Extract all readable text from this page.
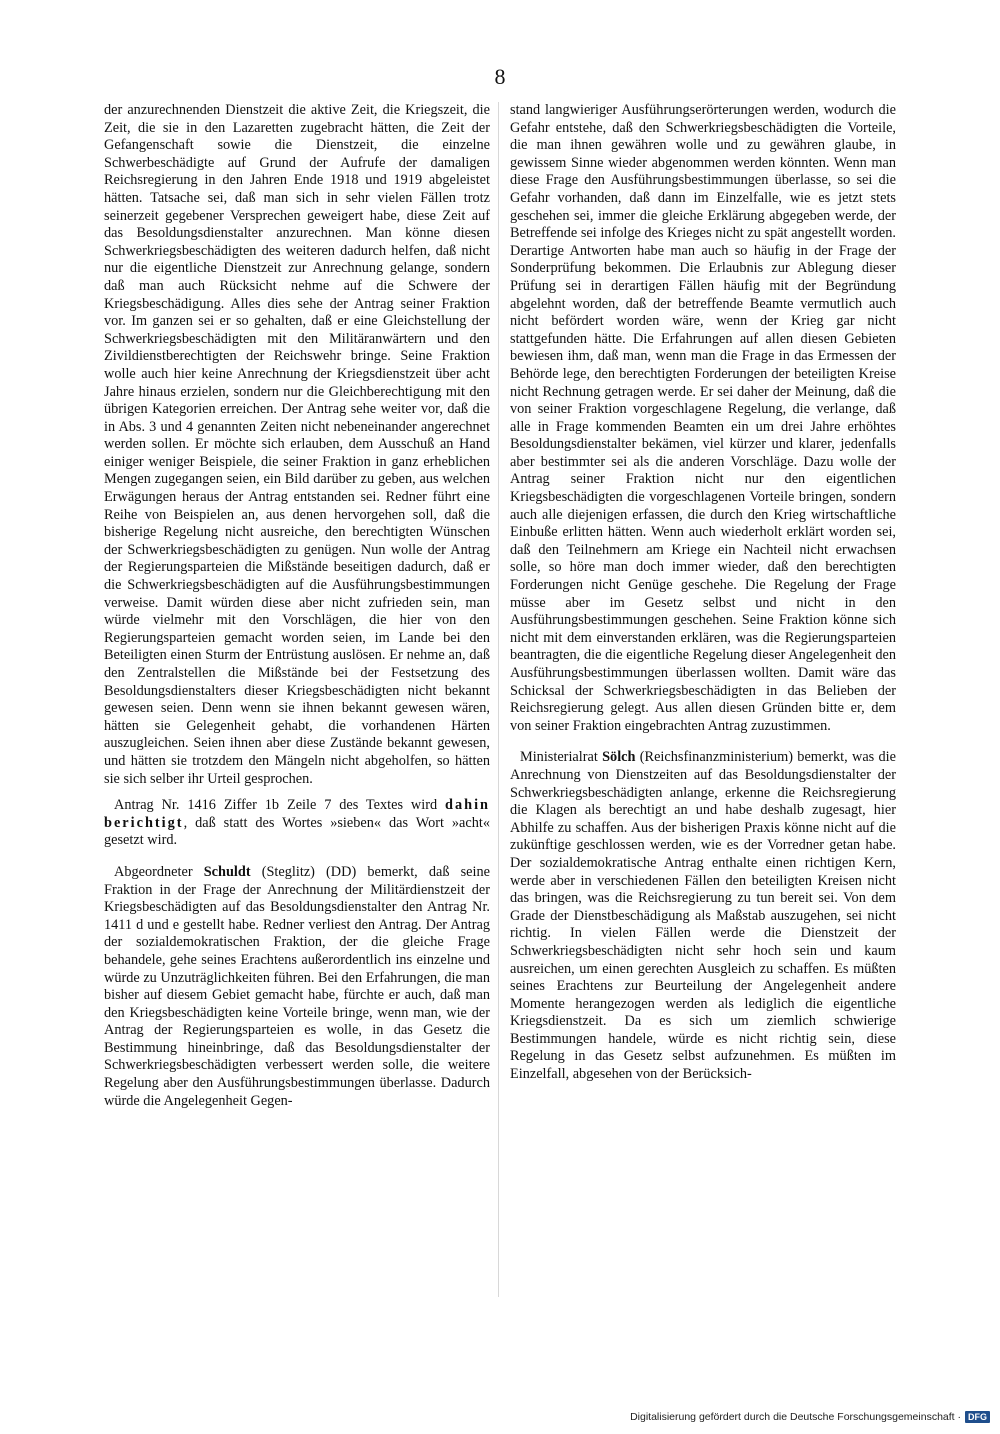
8

der anzurechnenden Dienstzeit die aktive Zeit, die Kriegszeit, die Zeit, die sie in den Lazaretten zugebracht hätten, die Zeit der Gefangenschaft sowie die Dienstzeit, die einzelne Schwerbeschädigte auf Grund der Aufrufe der damaligen Reichsregierung in den Jahren Ende 1918 und 1919 abgeleistet hätten. Tatsache sei, daß man sich in sehr vielen Fällen trotz seinerzeit gegebener Versprechen geweigert habe, diese Zeit auf das Besoldungsdienstalter anzurechnen. Man könne diesen Schwerkriegsbeschädigten des weiteren dadurch helfen, daß nicht nur die eigentliche Dienstzeit zur Anrechnung gelange, sondern daß man auch Rücksicht nehme auf die Schwere der Kriegsbeschädigung. Alles dies sehe der Antrag seiner Fraktion vor. Im ganzen sei er so gehalten, daß er eine Gleichstellung der Schwerkriegsbeschädigten mit den Militäranwärtern und den Zivildienstberechtigten der Reichswehr bringe. Seine Fraktion wolle auch hier keine Anrechnung der Kriegsdienstzeit über acht Jahre hinaus erzielen, sondern nur die Gleichberechtigung mit den übrigen Kategorien erreichen. Der Antrag sehe weiter vor, daß die in Abs. 3 und 4 genannten Zeiten nicht nebeneinander angerechnet werden sollen. Er möchte sich erlauben, dem Ausschuß an Hand einiger weniger Beispiele, die seiner Fraktion in ganz erheblichen Mengen zugegangen seien, ein Bild darüber zu geben, aus welchen Erwägungen heraus der Antrag entstanden sei. Redner führt eine Reihe von Beispielen an, aus denen hervorgehen soll, daß die bisherige Regelung nicht ausreiche, den berechtigten Wünschen der Schwerkriegsbeschädigten zu genügen. Nun wolle der Antrag der Regierungsparteien die Mißstände beseitigen dadurch, daß er die Schwerkriegsbeschädigten auf die Ausführungsbestimmungen verweise. Damit würden diese aber nicht zufrieden sein, man würde vielmehr mit den Vorschlägen, die hier von den Regierungsparteien gemacht worden seien, im Lande bei den Beteiligten einen Sturm der Entrüstung auslösen. Er nehme an, daß den Zentralstellen die Mißstände bei der Festsetzung des Besoldungsdienstalters dieser Kriegsbeschädigten nicht bekannt gewesen seien. Denn wenn sie ihnen bekannt gewesen wären, hätten sie Gelegenheit gehabt, die vorhandenen Härten auszugleichen. Seien ihnen aber diese Zustände bekannt gewesen, und hätten sie trotzdem den Mängeln nicht abgeholfen, so hätten sie sich selber ihr Urteil gesprochen.

Antrag Nr. 1416 Ziffer 1b Zeile 7 des Textes wird dahin berichtigt, daß statt des Wortes »sieben« das Wort »acht« gesetzt wird.

Abgeordneter Schuldt (Steglitz) (DD) bemerkt, daß seine Fraktion in der Frage der Anrechnung der Militärdienstzeit der Kriegsbeschädigten auf das Besoldungsdienstalter den Antrag Nr. 1411 d und e gestellt habe. Redner verliest den Antrag. Der Antrag der sozialdemokratischen Fraktion, der die gleiche Frage behandele, gehe seines Erachtens außerordentlich ins einzelne und würde zu Unzuträglichkeiten führen. Bei den Erfahrungen, die man bisher auf diesem Gebiet gemacht habe, fürchte er auch, daß man den Kriegsbeschädigten keine Vorteile bringe, wenn man, wie der Antrag der Regierungsparteien es wolle, in das Gesetz die Bestimmung hineinbringe, daß das Besoldungsdienstalter der Schwerkriegsbeschädigten verbessert werden solle, die weitere Regelung aber den Ausführungsbestimmungen überlasse. Dadurch würde die Angelegenheit Gegen-

stand langwieriger Ausführungserörterungen werden, wodurch die Gefahr entstehe, daß den Schwerkriegsbeschädigten die Vorteile, die man ihnen gewähren wolle und zu gewähren glaube, in gewissem Sinne wieder abgenommen werden könnten. Wenn man diese Frage den Ausführungsbestimmungen überlasse, so sei die Gefahr vorhanden, daß dann im Einzelfalle, wie es jetzt stets geschehen sei, immer die gleiche Erklärung abgegeben werde, der Betreffende sei infolge des Krieges nicht zu spät angestellt worden. Derartige Antworten habe man auch so häufig in der Frage der Sonderprüfung bekommen. Die Erlaubnis zur Ablegung dieser Prüfung sei in derartigen Fällen häufig mit der Begründung abgelehnt worden, daß der betreffende Beamte vermutlich auch nicht befördert worden wäre, wenn der Krieg gar nicht stattgefunden hätte. Die Erfahrungen auf allen diesen Gebieten bewiesen ihm, daß man, wenn man die Frage in das Ermessen der Behörde lege, den berechtigten Forderungen der beteiligten Kreise nicht Rechnung getragen werde. Er sei daher der Meinung, daß die von seiner Fraktion vorgeschlagene Regelung, die verlange, daß alle in Frage kommenden Beamten ein um drei Jahre erhöhtes Besoldungsdienstalter bekämen, viel kürzer und klarer, jedenfalls aber bestimmter sei als die anderen Vorschläge. Dazu wolle der Antrag seiner Fraktion nicht nur den eigentlichen Kriegsbeschädigten die vorgeschlagenen Vorteile bringen, sondern auch alle diejenigen erfassen, die durch den Krieg wirtschaftliche Einbuße erlitten hätten. Wenn auch wiederholt erklärt worden sei, daß den Teilnehmern am Kriege ein Nachteil nicht erwachsen solle, so höre man doch immer wieder, daß den berechtigten Forderungen nicht Genüge geschehe. Die Regelung der Frage müsse aber im Gesetz selbst und nicht in den Ausführungsbestimmungen geschehen. Seine Fraktion könne sich nicht mit dem einverstanden erklären, was die Regierungsparteien beantragten, die die eigentliche Regelung dieser Angelegenheit den Ausführungsbestimmungen überlassen wollten. Damit wäre das Schicksal der Schwerkriegsbeschädigten in das Belieben der Reichsregierung gelegt. Aus allen diesen Gründen bitte er, dem von seiner Fraktion eingebrachten Antrag zuzustimmen.

Ministerialrat Sölch (Reichsfinanzministerium) bemerkt, was die Anrechnung von Dienstzeiten auf das Besoldungsdienstalter der Schwerkriegsbeschädigten anlange, erkenne die Reichsregierung die Klagen als berechtigt an und habe deshalb zugesagt, hier Abhilfe zu schaffen. Aus der bisherigen Praxis könne nicht auf die zukünftige geschlossen werden, wie es der Vorredner getan habe. Der sozialdemokratische Antrag enthalte einen richtigen Kern, werde aber in verschiedenen Fällen den beteiligten Kreisen nicht das bringen, was die Reichsregierung zu tun bereit sei. Von dem Grade der Dienstbeschädigung als Maßstab auszugehen, sei nicht richtig. In vielen Fällen werde die Dienstzeit der Schwerkriegsbeschädigten nicht sehr hoch sein und kaum ausreichen, um einen gerechten Ausgleich zu schaffen. Es müßten seines Erachtens zur Beurteilung der Angelegenheit andere Momente herangezogen werden als lediglich die eigentliche Kriegsdienstzeit. Da es sich um ziemlich schwierige Bestimmungen handele, würde es nicht richtig sein, diese Regelung in das Gesetz selbst aufzunehmen. Es müßten im Einzelfall, abgesehen von der Berücksich-

Digitalisierung gefördert durch die Deutsche Forschungsgemeinschaft · DFG
